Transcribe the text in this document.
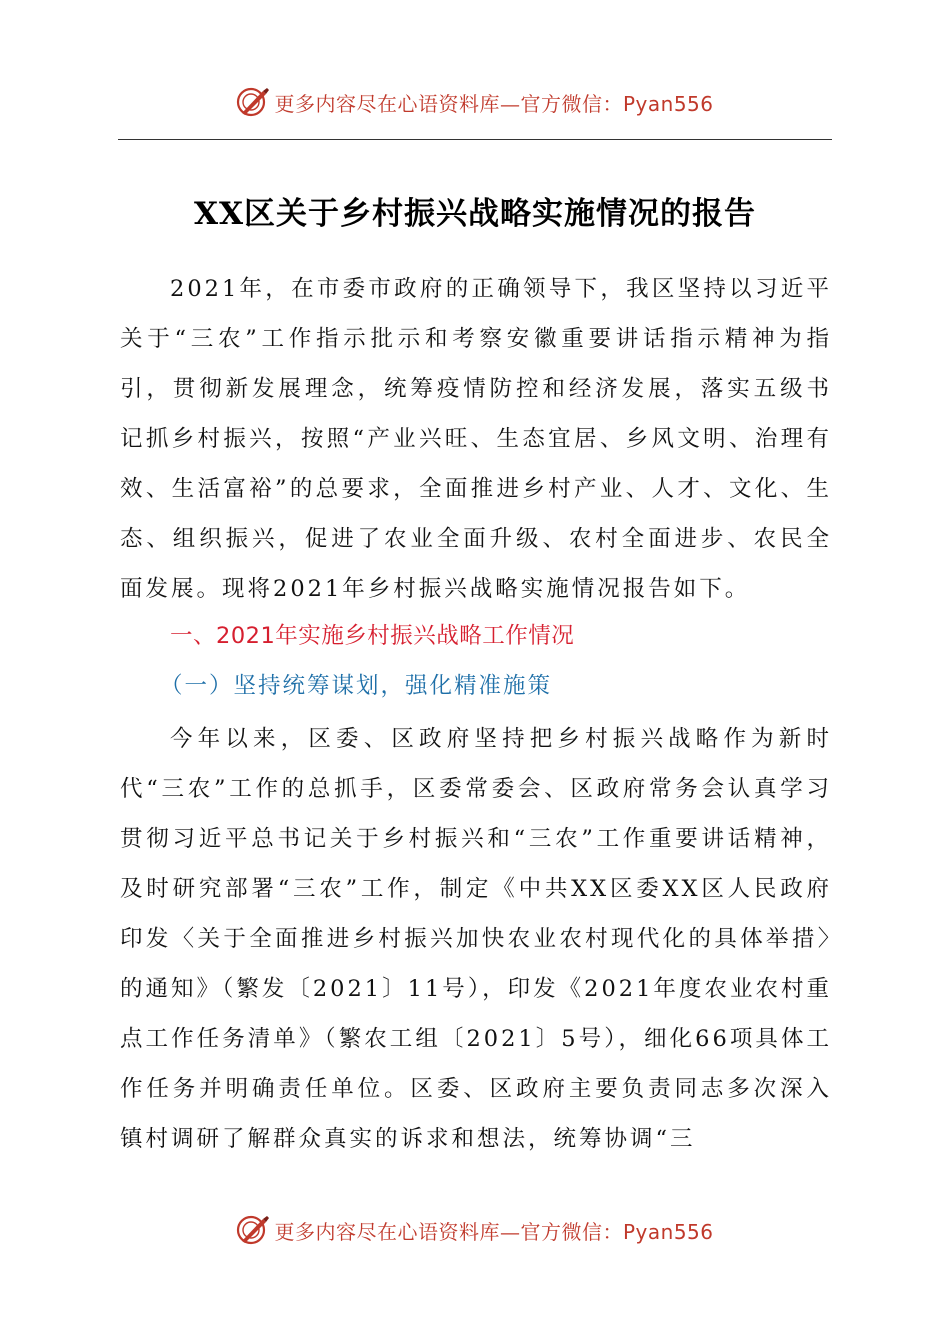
更多内容尽在心语资料库—官方微信：Pyan556
XX区关于乡村振兴战略实施情况的报告
2021年，在市委市政府的正确领导下，我区坚持以习近平关于“三农”工作指示批示和考察安徽重要讲话指示精神为指引，贯彻新发展理念，统筹疫情防控和经济发展，落实五级书记抓乡村振兴，按照“产业兴旺、生态宜居、乡风文明、治理有效、生活富裕”的总要求，全面推进乡村产业、人才、文化、生态、组织振兴，促进了农业全面升级、农村全面进步、农民全面发展。现将2021年乡村振兴战略实施情况报告如下。
一、2021年实施乡村振兴战略工作情况
（一）坚持统筹谋划，强化精准施策
今年以来，区委、区政府坚持把乡村振兴战略作为新时代“三农”工作的总抓手，区委常委会、区政府常务会认真学习贯彻习近平总书记关于乡村振兴和“三农”工作重要讲话精神，及时研究部署“三农”工作，制定《中共XX区委XX区人民政府印发〈关于全面推进乡村振兴加快农业农村现代化的具体举措〉的通知》（繁发〔2021〕11号），印发《2021年度农业农村重点工作任务清单》（繁农工组〔2021〕5号），细化66项具体工作任务并明确责任单位。区委、区政府主要负责同志多次深入镇村调研了解群众真实的诉求和想法，统筹协调“三
更多内容尽在心语资料库—官方微信：Pyan556
